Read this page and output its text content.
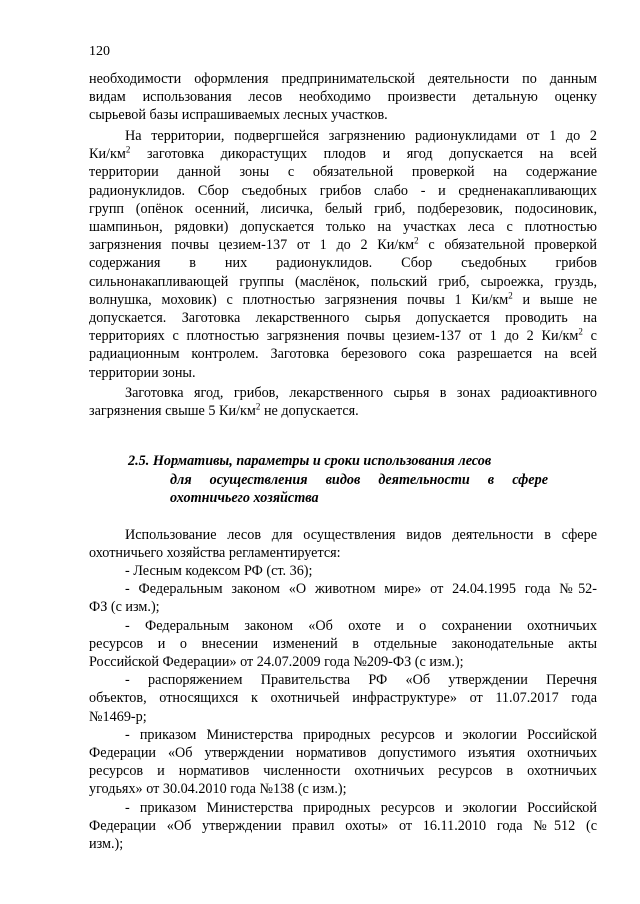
120
необходимости оформления предпринимательской деятельности по данным
видам использования лесов необходимо произвести детальную оценку
сырьевой базы испрашиваемых лесных участков.
На территории, подвергшейся загрязнению радионуклидами от 1 до 2
$Ки/км^2$ заготовка дикорастущих плодов и ягод допускается на всей
территории данной зоны с обязательной проверкой на содержание
радионуклидов. Сбор съедобных грибов слабо - и средненакапливающих
групп (опёнок осенний, лисичка, белый гриб, подберезовик, подосиновик,
шампиньон, рядовки) допускается только на участках леса с плотностью
загрязнения почвы цезием-137 от 1 до 2 $Ки/км^2$ с обязательной проверкой
содержания в них радионуклидов. Сбор съедобных грибов
сильнонакапливающей группы (маслёнок, польский гриб, сыроежка, груздь,
волнушка, моховик) с плотностью загрязнения почвы 1 $Ки/км^2$ и выше не
допускается. Заготовка лекарственного сырья допускается проводить на
территориях с плотностью загрязнения почвы цезием-137 от 1 до 2 $Ки/км^2$ с
радиационным контролем. Заготовка березового сока разрешается на всей
территории зоны.
Заготовка ягод, грибов, лекарственного сырья в зонах радиоактивного
загрязнения свыше 5 $Ки/км^2$ не допускается.
2.5. Нормативы, параметры и сроки использования лесов
для осуществления видов деятельности в сфере
охотничьего хозяйства
Использование лесов для осуществления видов деятельности в сфере
охотничьего хозяйства регламентируется:
- Лесным кодексом РФ (ст. 36);
- Федеральным законом «О животном мире» от 24.04.1995 года №52-
ФЗ (с изм.);
- Федеральным законом «Об охоте и о сохранении охотничьих
ресурсов и о внесении изменений в отдельные законодательные акты
Российской Федерации» от 24.07.2009 года №209-ФЗ (с изм.);
- распоряжением Правительства РФ «Об утверждении Перечня
объектов, относящихся к охотничьей инфраструктуре» от 11.07.2017 года
№1469-р;
- приказом Министерства природных ресурсов и экологии Российской
Федерации «Об утверждении нормативов допустимого изъятия охотничьих
ресурсов и нормативов численности охотничьих ресурсов в охотничьих
угодьях» от 30.04.2010 года №138 (с изм.);
- приказом Министерства природных ресурсов и экологии Российской
Федерации «Об утверждении правил охоты» от 16.11.2010 года №512 (с
изм.);
